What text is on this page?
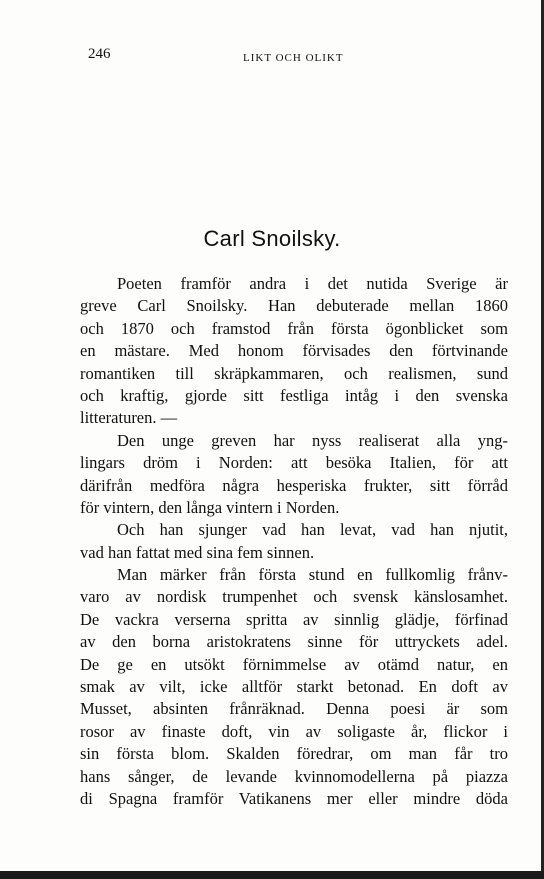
246	LIKT OCH OLIKT
Carl Snoilsky.
Poeten framför andra i det nutida Sverige är
greve Carl Snoilsky. Han debuterade mellan 1860
och 1870 och framstod från första ögonblicket som
en mästare. Med honom förvisades den förtvinande
romantiken till skräpkammaren, och realismen, sund
och kraftig, gjorde sitt festliga intåg i den svenska
litteraturen. —
Den unge greven har nyss realiserat alla yng-
lingars dröm i Norden: att besöka Italien, för att
därifrån medföra några hesperiska frukter, sitt förråd
för vintern, den långa vintern i Norden.
Och han sjunger vad han levat, vad han njutit,
vad han fattat med sina fem sinnen.
Man märker från första stund en fullkomlig frånv-
varo av nordisk trumpenhet och svensk känslosamhet.
De vackra verserna spritta av sinnlig glädje, förfinad
av den borna aristokratens sinne för uttryckets adel.
De ge en utsökt förnimmelse av otämd natur, en
smak av vilt, icke alltför starkt betonad. En doft av
Musset, absinten frånräknad. Denna poesi är som
rosor av finaste doft, vin av soligaste år, flickor i
sin första blom. Skalden föredrar, om man får tro
hans sånger, de levande kvinnomodellerna på piazza
di Spagna framför Vatikanens mer eller mindre döda
